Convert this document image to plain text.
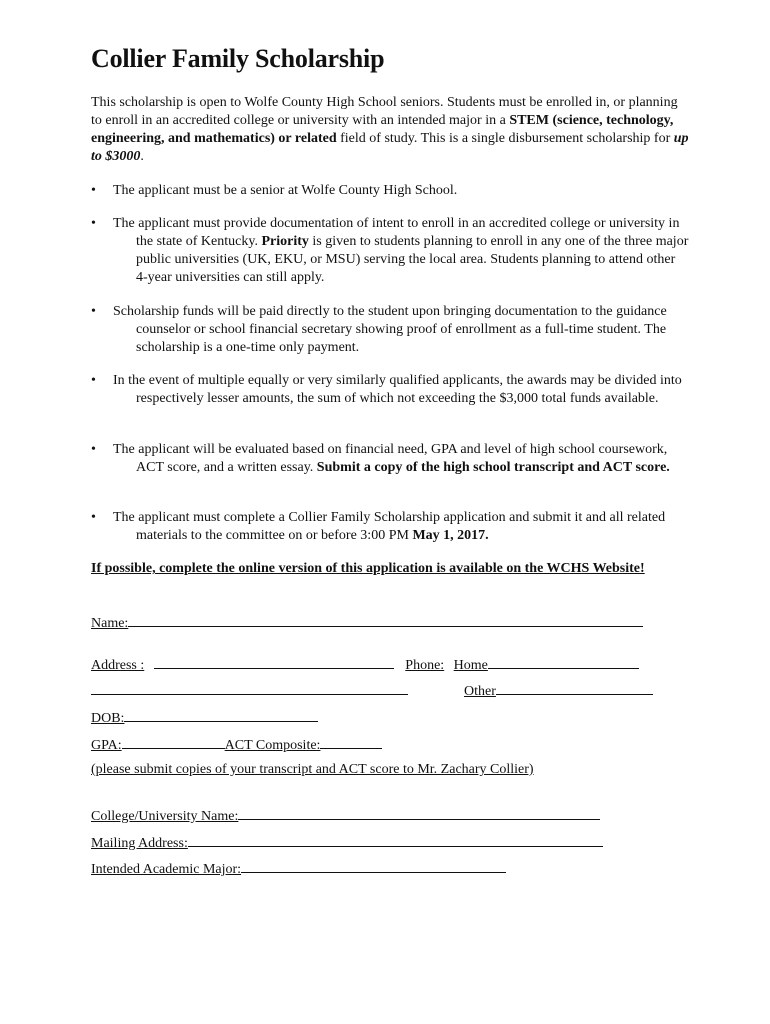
Collier Family Scholarship

This scholarship is open to Wolfe County High School seniors. Students must be enrolled in, or planning to enroll in an accredited college or university with an intended major in a STEM (science, technology, engineering, and mathematics) or related field of study. This is a single disbursement scholarship for up to $3000.

•	The applicant must be a senior at Wolfe County High School.
•	The applicant must provide documentation of intent to enroll in an accredited college or university in the state of Kentucky. Priority is given to students planning to enroll in any one of the three major public universities (UK, EKU, or MSU) serving the local area. Students planning to attend other 4-year universities can still apply.
•	Scholarship funds will be paid directly to the student upon bringing documentation to the guidance counselor or school financial secretary showing proof of enrollment as a full-time student. The scholarship is a one-time only payment.
•	In the event of multiple equally or very similarly qualified applicants, the awards may be divided into respectively lesser amounts, the sum of which not exceeding the $3,000 total funds available.
•	The applicant will be evaluated based on financial need, GPA and level of high school coursework, ACT score, and a written essay. Submit a copy of the high school transcript and ACT score.
•	The applicant must complete a Collier Family Scholarship application and submit it and all related materials to the committee on or before 3:00 PM May 1, 2017.
If possible, complete the online version of this application is available on the WCHS Website!
Name:
Address :	Phone: Home
Other
DOB:
GPA:	ACT Composite:
(please submit copies of your transcript and ACT score to Mr. Zachary Collier)
College/University Name:
Mailing Address:
Intended Academic Major:
